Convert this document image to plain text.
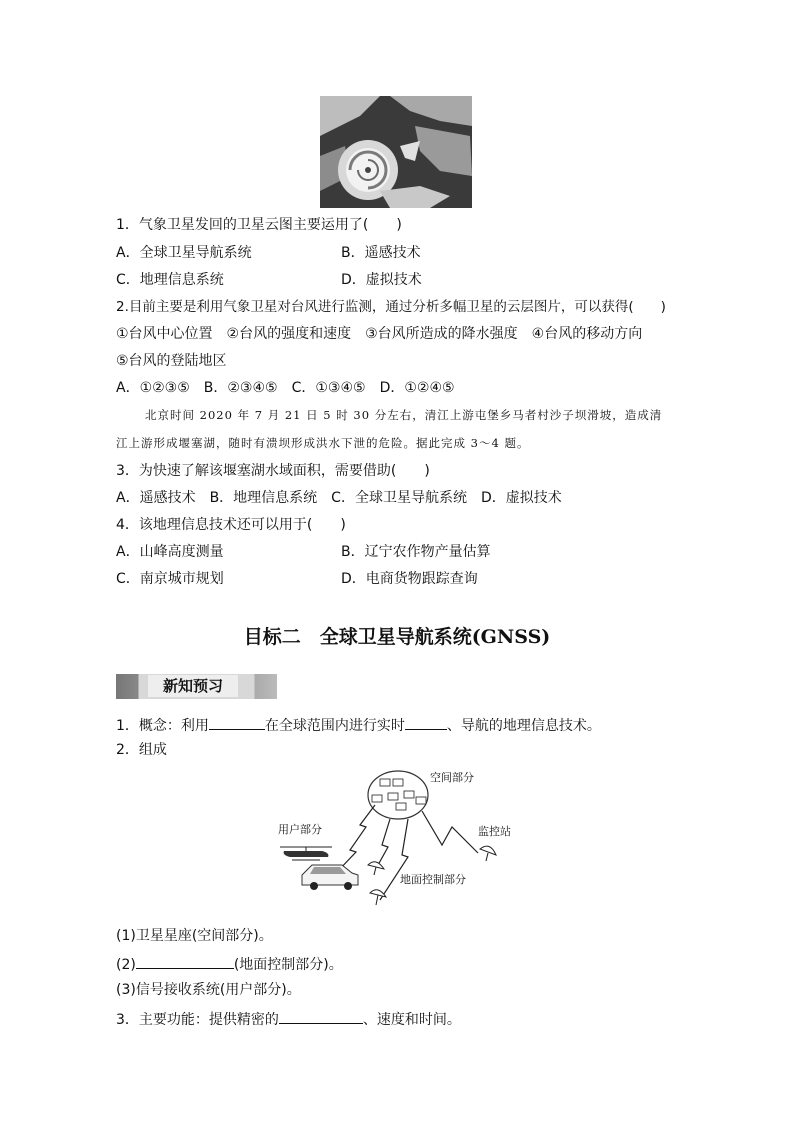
1．气象卫星发回的卫星云图主要运用了(　　)
A．全球卫星导航系统	B．遥感技术
C．地理信息系统	D．虚拟技术
2.目前主要是利用气象卫星对台风进行监测，通过分析多幅卫星的云层图片，可以获得(　　)
①台风中心位置　②台风的强度和速度　③台风所造成的降水强度　④台风的移动方向
⑤台风的登陆地区
A．①②③⑤　B．②③④⑤　C．①③④⑤　D．①②④⑤
北京时间 2020 年 7 月 21 日 5 时 30 分左右，清江上游屯堡乡马者村沙子坝滑坡，造成清
江上游形成堰塞湖，随时有溃坝形成洪水下泄的危险。据此完成 3～4 题。
3．为快速了解该堰塞湖水域面积，需要借助(　　)
A．遥感技术　B．地理信息系统　C．全球卫星导航系统　D．虚拟技术
4．该地理信息技术还可以用于(　　)
A．山峰高度测量	B．辽宁农作物产量估算
C．南京城市规划	D．电商货物跟踪查询
目标二　全球卫星导航系统(GNSS)
新知预习
1．概念：利用	在全球范围内进行实时	、导航的地理信息技术。
2．组成
空间部分
用户部分	监控站
地面控制部分
(1)卫星星座(空间部分)。
(2)	(地面控制部分)。
(3)信号接收系统(用户部分)。
3．主要功能：提供精密的	、速度和时间。
